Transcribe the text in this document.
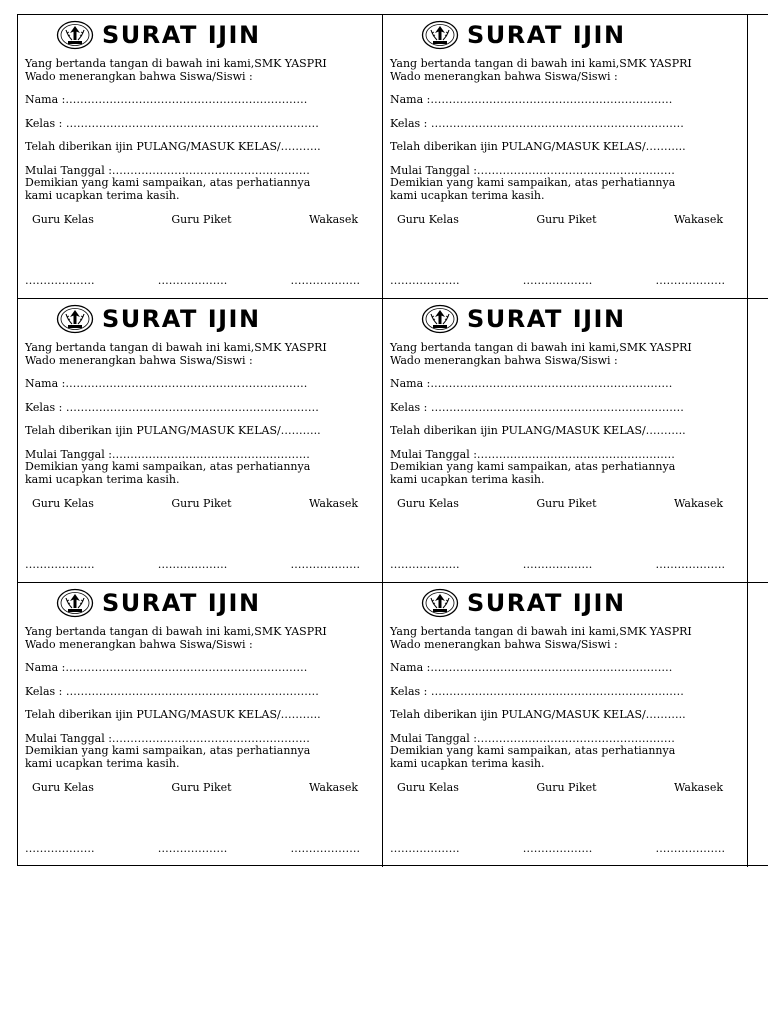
SURAT IJIN

Yang bertanda tangan di bawah ini kami,SMK YASPRI

Wado menerangkan bahwa Siswa/Siswi :

Nama :…………………………………………………………

Kelas : ……………………………………………………………

Telah diberikan ijin PULANG/MASUK KELAS/………..

Mulai Tanggal :………………………………………………

Demikian yang kami sampaikan, atas perhatiannya

kami ucapkan terima kasih.

Guru Kelas	Guru Piket	Wakasek
……………….	……………….	……………….
SURAT IJIN

Yang bertanda tangan di bawah ini kami,SMK YASPRI

Wado menerangkan bahwa Siswa/Siswi :

Nama :…………………………………………………………

Kelas : ……………………………………………………………

Telah diberikan ijin PULANG/MASUK KELAS/………..

Mulai Tanggal :………………………………………………

Demikian yang kami sampaikan, atas perhatiannya

kami ucapkan terima kasih.

Guru Kelas	Guru Piket	Wakasek
……………….	……………….	……………….
SURAT IJIN

Yang bertanda tangan di bawah ini kami,SMK YASPRI

Wado menerangkan bahwa Siswa/Siswi :

Nama :…………………………………………………………

Kelas : ……………………………………………………………

Telah diberikan ijin PULANG/MASUK KELAS/………..

Mulai Tanggal :………………………………………………

Demikian yang kami sampaikan, atas perhatiannya

kami ucapkan terima kasih.

Guru Kelas	Guru Piket	Wakasek
……………….	……………….	……………….
SURAT IJIN

Yang bertanda tangan di bawah ini kami,SMK YASPRI

Wado menerangkan bahwa Siswa/Siswi :

Nama :…………………………………………………………

Kelas : ……………………………………………………………

Telah diberikan ijin PULANG/MASUK KELAS/………..

Mulai Tanggal :………………………………………………

Demikian yang kami sampaikan, atas perhatiannya

kami ucapkan terima kasih.

Guru Kelas	Guru Piket	Wakasek
……………….	……………….	……………….
SURAT IJIN

Yang bertanda tangan di bawah ini kami,SMK YASPRI

Wado menerangkan bahwa Siswa/Siswi :

Nama :…………………………………………………………

Kelas : ……………………………………………………………

Telah diberikan ijin PULANG/MASUK KELAS/………..

Mulai Tanggal :………………………………………………

Demikian yang kami sampaikan, atas perhatiannya

kami ucapkan terima kasih.

Guru Kelas	Guru Piket	Wakasek
……………….	……………….	……………….
SURAT IJIN

Yang bertanda tangan di bawah ini kami,SMK YASPRI

Wado menerangkan bahwa Siswa/Siswi :

Nama :…………………………………………………………

Kelas : ……………………………………………………………

Telah diberikan ijin PULANG/MASUK KELAS/………..

Mulai Tanggal :………………………………………………

Demikian yang kami sampaikan, atas perhatiannya

kami ucapkan terima kasih.

Guru Kelas	Guru Piket	Wakasek
……………….	……………….	……………….
